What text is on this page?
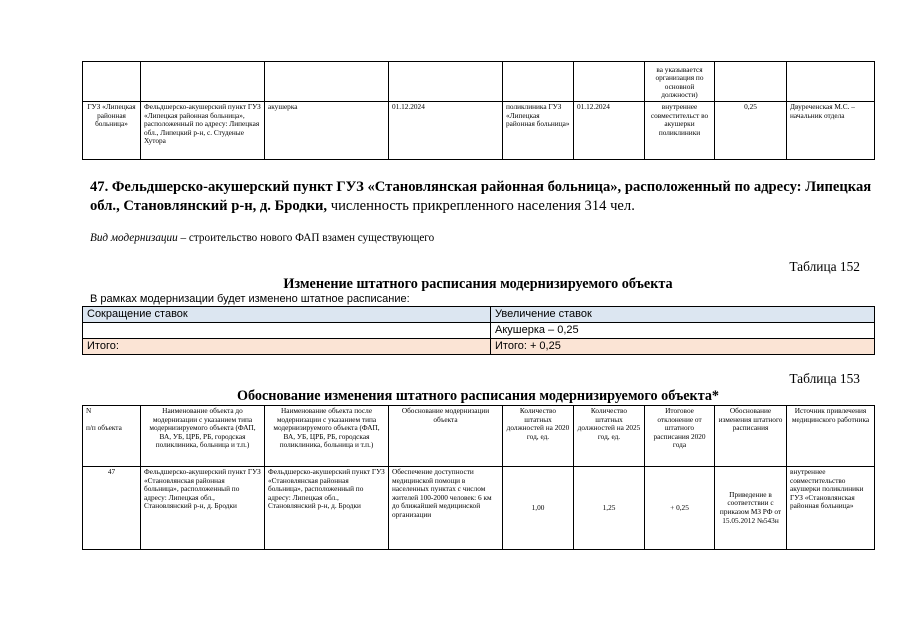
						ва указывается организация по основной должности)		
ГУЗ «Липецкая районная больница»	Фельдшерско-акушерский пункт ГУЗ «Липецкая районная больница», расположенный по адресу: Липецкая обл., Липецкий р-н, с. Студеные Хутора	акушерка	01.12.2024	поликлиника ГУЗ «Липецкая районная больница»	01.12.2024	внутреннее совместительст во акушерки поликлиники	0,25	Двуреченская М.С. – начальник отдела
47. Фельдшерско-акушерский пункт ГУЗ «Становлянская районная больница», расположенный по адресу: Липецкая обл., Становлянский р-н, д. Бродки, численность прикрепленного населения 314 чел.
Вид модернизации – строительство нового ФАП взамен существующего
Таблица 152
Изменение штатного расписания модернизируемого объекта
В рамках модернизации будет изменено штатное расписание:
Сокращение ставок	Увеличение ставок
	Акушерка – 0,25
Итого:	Итого: + 0,25
Таблица 153
Обоснование изменения штатного расписания модернизируемого объекта*
N

п/п объекта	Наименование объекта до модернизации с указанием типа модернизируемого объекта (ФАП, ВА, УБ, ЦРБ, РБ, городская поликлиника, больница и т.п.)	Наименование объекта после модернизации с указанием типа модернизируемого объекта (ФАП, ВА, УБ, ЦРБ, РБ, городская поликлиника, больница и т.п.)	Обоснование модернизации объекта	Количество штатных должностей на 2020 год, ед.	Количество штатных должностей на 2025 год, ед.	Итоговое отклонение от штатного расписания 2020 года	Обоснование изменения штатного расписания	Источник привлечения медицинского работника
47	Фельдшерско-акушерский пункт ГУЗ «Становлянская районная больница», расположенный по адресу: Липецкая обл., Становлянский р-н, д. Бродки	Фельдшерско-акушерский пункт ГУЗ «Становлянская районная больница», расположенный по адресу: Липецкая обл., Становлянский р-н, д. Бродки	Обеспечение доступности медицинской помощи в населенных пунктах с числом жителей 100-2000 человек: 6 км до ближайшей медицинской организации	1,00	1,25	+ 0,25	Приведение в соответствии с приказом МЗ РФ от 15.05.2012 №543н	внутреннее совместительство акушерки поликлиники ГУЗ «Становлянская районная больница»
